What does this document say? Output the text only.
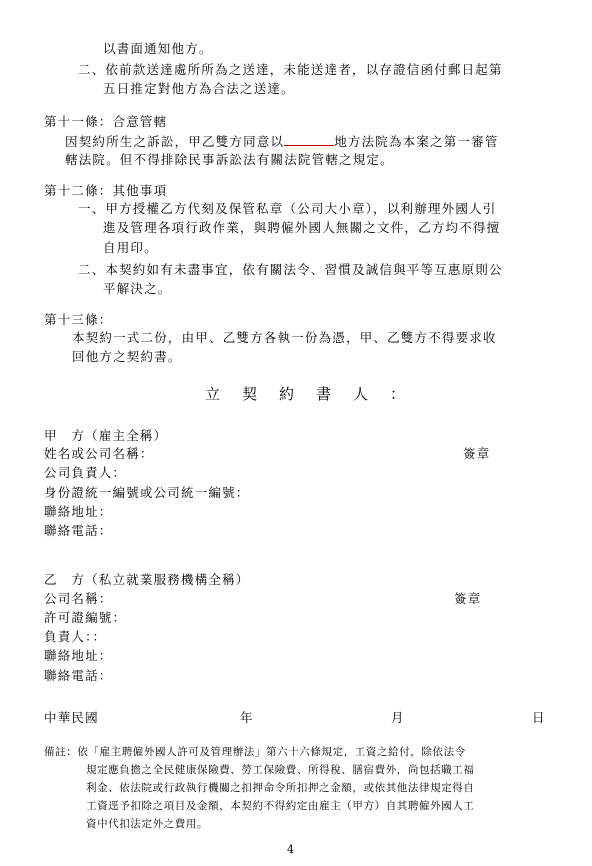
以書面通知他方。
二、依前款送達處所所為之送達，未能送達者，以存證信函付郵日起第
五日推定對他方為合法之送達。
第十一條：合意管轄
因契約所生之訴訟，甲乙雙方同意以	地方法院為本案之第一審管
轄法院。但不得排除民事訴訟法有關法院管轄之規定。
第十二條：其他事項
一、甲方授權乙方代刻及保管私章（公司大小章），以利辦理外國人引
進及管理各項行政作業，與聘僱外國人無關之文件，乙方均不得擅
自用印。
二、本契約如有未盡事宜，依有關法令、習慣及誠信與平等互惠原則公
平解決之。
第十三條：
本契約一式二份，由甲、乙雙方各執一份為憑，甲、乙雙方不得要求收
回他方之契約書。
立契約書人：
甲　方（雇主全稱）
姓名或公司名稱：	簽章
公司負責人：
身份證統一編號或公司統一編號：
聯絡地址：
聯絡電話：
乙　方（私立就業服務機構全稱）
公司名稱：	簽章
許可證編號：
負責人：：
聯絡地址：
聯絡電話：
中華民國	年	月	日
備註：依「雇主聘僱外國人許可及管理辦法」第六十六條規定，工資之給付，除依法令
規定應負擔之全民健康保險費、勞工保險費、所得稅、膳宿費外，尚包括職工福
利金、依法院或行政執行機關之扣押命令所扣押之金額，或依其他法律規定得自
工資逕予扣除之項目及金額，本契約不得約定由雇主（甲方）自其聘僱外國人工
資中代扣法定外之費用。
4
